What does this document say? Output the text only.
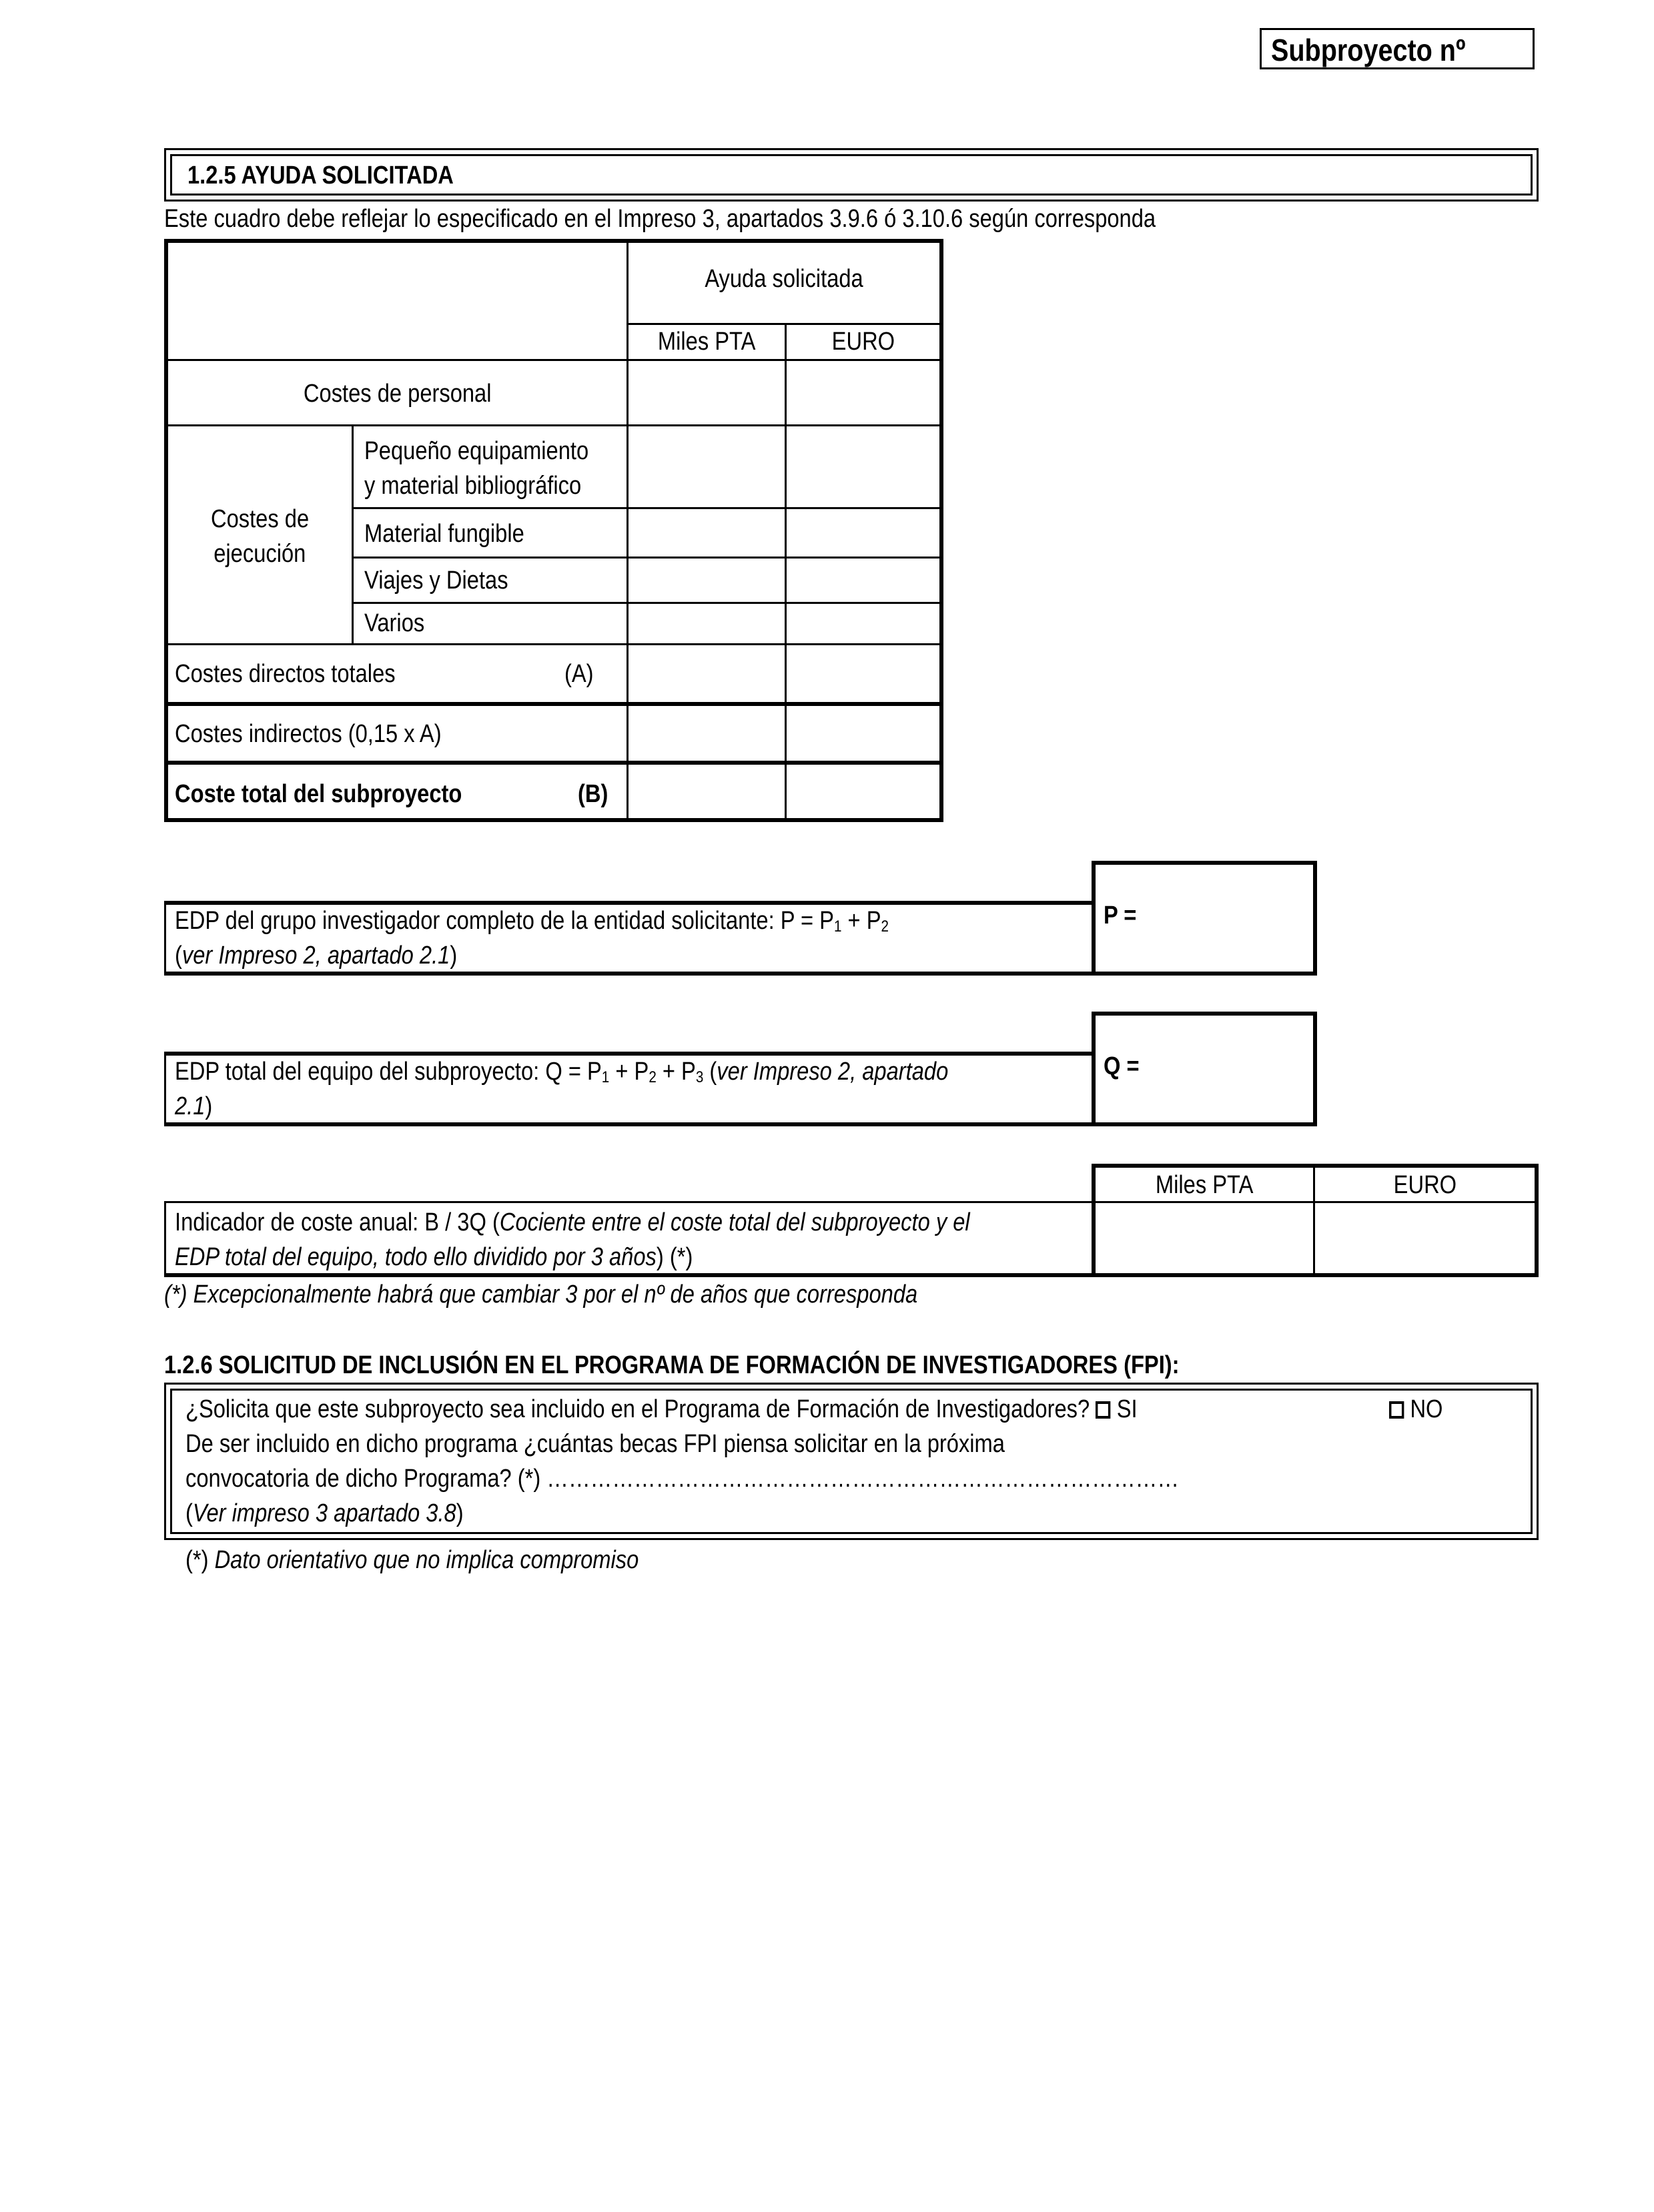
Subproyecto nº
1.2.5 AYUDA SOLICITADA
Este cuadro debe reflejar lo especificado en el Impreso 3, apartados 3.9.6 ó 3.10.6 según corresponda
Ayuda solicitada
Miles PTA	EURO
Costes de personal
Costes de
ejecución
Pequeño equipamiento
y material bibliográfico
Material fungible
Viajes y Dietas
Varios
Costes directos totales	(A)
Costes indirectos (0,15 x A)
Coste total del subproyecto	(B)
EDP del grupo investigador completo de la entidad solicitante: $P = P_1 + P_2$
(ver Impreso 2, apartado 2.1)
P =
EDP total del equipo del subproyecto: $Q = P_1 + P_2 + P_3$ (ver Impreso 2, apartado
2.1)
Q =
Miles PTA	EURO
Indicador de coste anual: B / 3Q (Cociente entre el coste total del subproyecto y el
EDP total del equipo, todo ello dividido por 3 años) (*)
(*) Excepcionalmente habrá que cambiar 3 por el nº de años que corresponda
1.2.6 SOLICITUD DE INCLUSIÓN EN EL PROGRAMA DE FORMACIÓN DE INVESTIGADORES (FPI):
¿Solicita que este subproyecto sea incluido en el Programa de Formación de Investigadores? SI	NO
De ser incluido en dicho programa ¿cuántas becas FPI piensa solicitar en la próxima
convocatoria de dicho Programa? (*) ……………………………………………………………………………
(Ver impreso 3 apartado 3.8)
(*) Dato orientativo que no implica compromiso
